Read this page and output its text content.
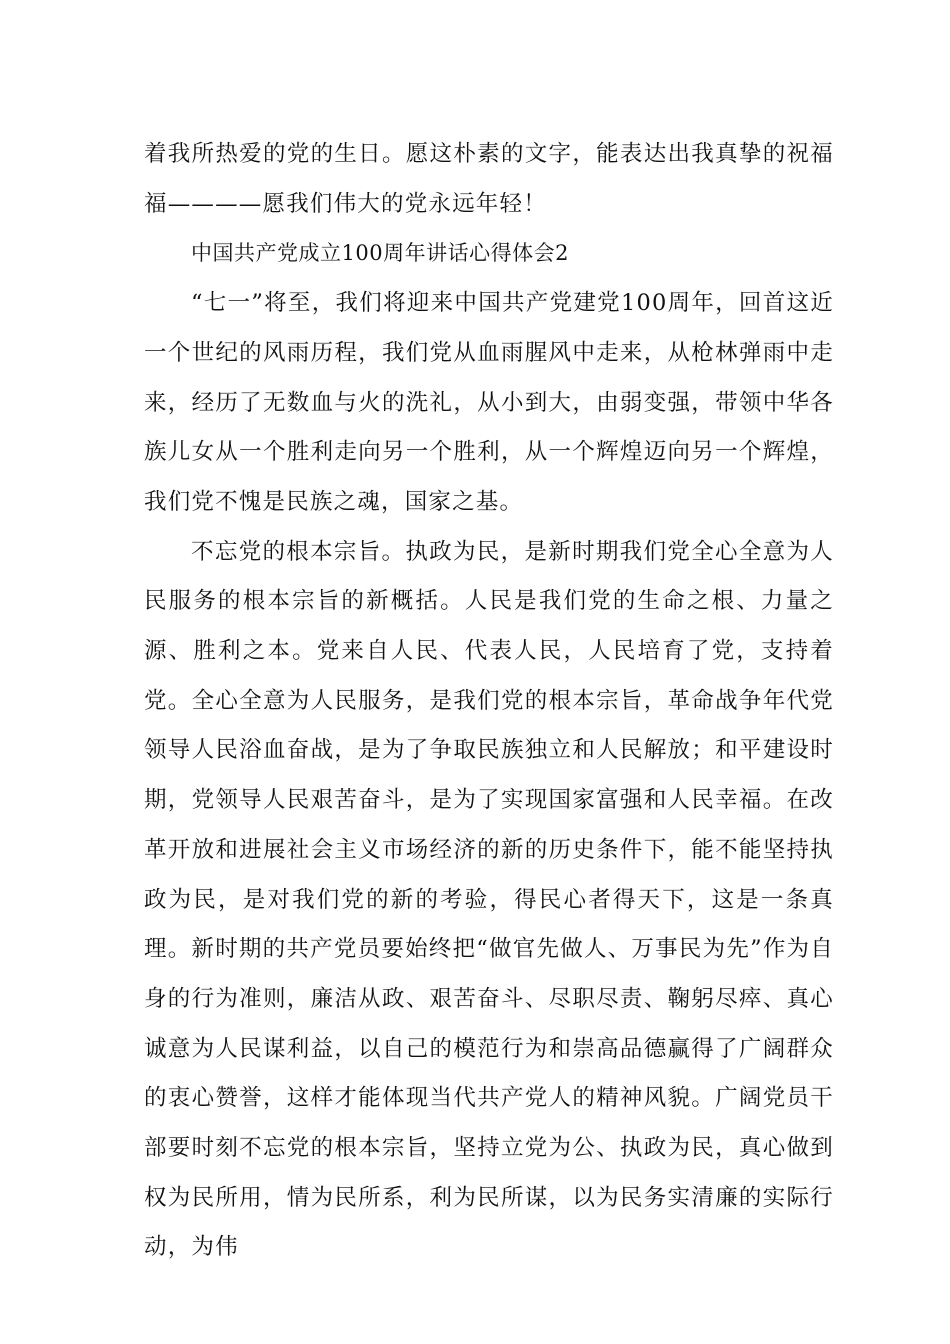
着我所热爱的党的生日。愿这朴素的文字，能表达出我真挚的祝福福————愿我们伟大的党永远年轻！

中国共产党成立100周年讲话心得体会2

“七一”将至，我们将迎来中国共产党建党100周年，回首这近一个世纪的风雨历程，我们党从血雨腥风中走来，从枪林弹雨中走来，经历了无数血与火的洗礼，从小到大，由弱变强，带领中华各族儿女从一个胜利走向另一个胜利，从一个辉煌迈向另一个辉煌，我们党不愧是民族之魂，国家之基。

不忘党的根本宗旨。执政为民，是新时期我们党全心全意为人民服务的根本宗旨的新概括。人民是我们党的生命之根、力量之源、胜利之本。党来自人民、代表人民，人民培育了党，支持着党。全心全意为人民服务，是我们党的根本宗旨，革命战争年代党领导人民浴血奋战，是为了争取民族独立和人民解放；和平建设时期，党领导人民艰苦奋斗，是为了实现国家富强和人民幸福。在改革开放和进展社会主义市场经济的新的历史条件下，能不能坚持执政为民，是对我们党的新的考验，得民心者得天下，这是一条真理。新时期的共产党员要始终把“做官先做人、万事民为先”作为自身的行为准则，廉洁从政、艰苦奋斗、尽职尽责、鞠躬尽瘁、真心诚意为人民谋利益，以自己的模范行为和崇高品德赢得了广阔群众的衷心赞誉，这样才能体现当代共产党人的精神风貌。广阔党员干部要时刻不忘党的根本宗旨，坚持立党为公、执政为民，真心做到权为民所用，情为民所系，利为民所谋，以为民务实清廉的实际行动，为伟
